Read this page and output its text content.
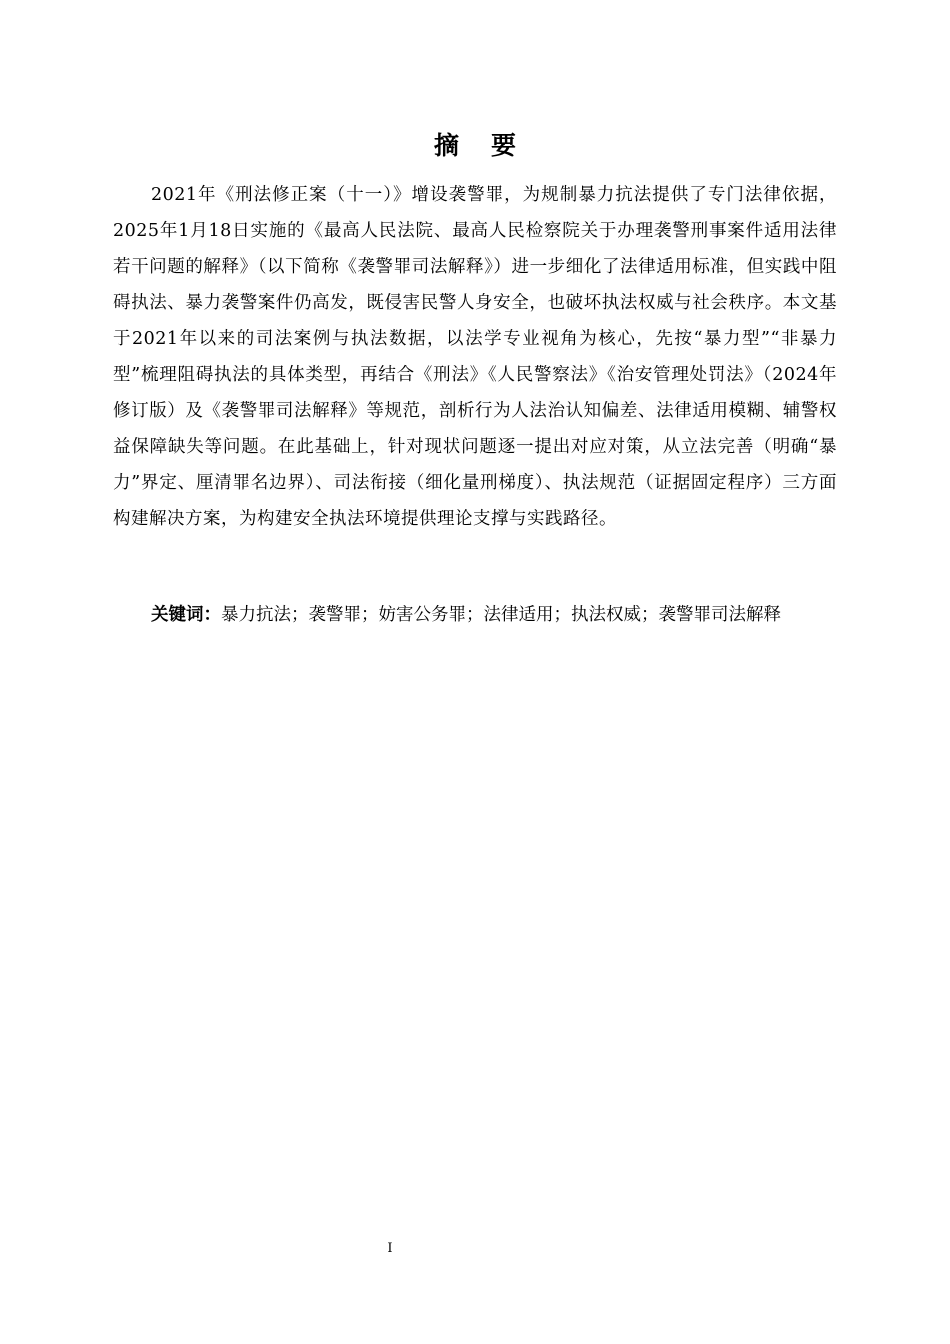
摘要

2021年《刑法修正案（十一）》增设袭警罪，为规制暴力抗法提供了专门法律依据，2025年1月18日实施的《最高人民法院、最高人民检察院关于办理袭警刑事案件适用法律若干问题的解释》（以下简称《袭警罪司法解释》）进一步细化了法律适用标准，但实践中阻碍执法、暴力袭警案件仍高发，既侵害民警人身安全，也破坏执法权威与社会秩序。本文基于2021年以来的司法案例与执法数据，以法学专业视角为核心，先按“暴力型”“非暴力型”梳理阻碍执法的具体类型，再结合《刑法》《人民警察法》《治安管理处罚法》（2024年修订版）及《袭警罪司法解释》等规范，剖析行为人法治认知偏差、法律适用模糊、辅警权益保障缺失等问题。在此基础上，针对现状问题逐一提出对应对策，从立法完善（明确“暴力”界定、厘清罪名边界）、司法衔接（细化量刑梯度）、执法规范（证据固定程序）三方面构建解决方案，为构建安全执法环境提供理论支撑与实践路径。

关键词：暴力抗法；袭警罪；妨害公务罪；法律适用；执法权威；袭警罪司法解释

I
